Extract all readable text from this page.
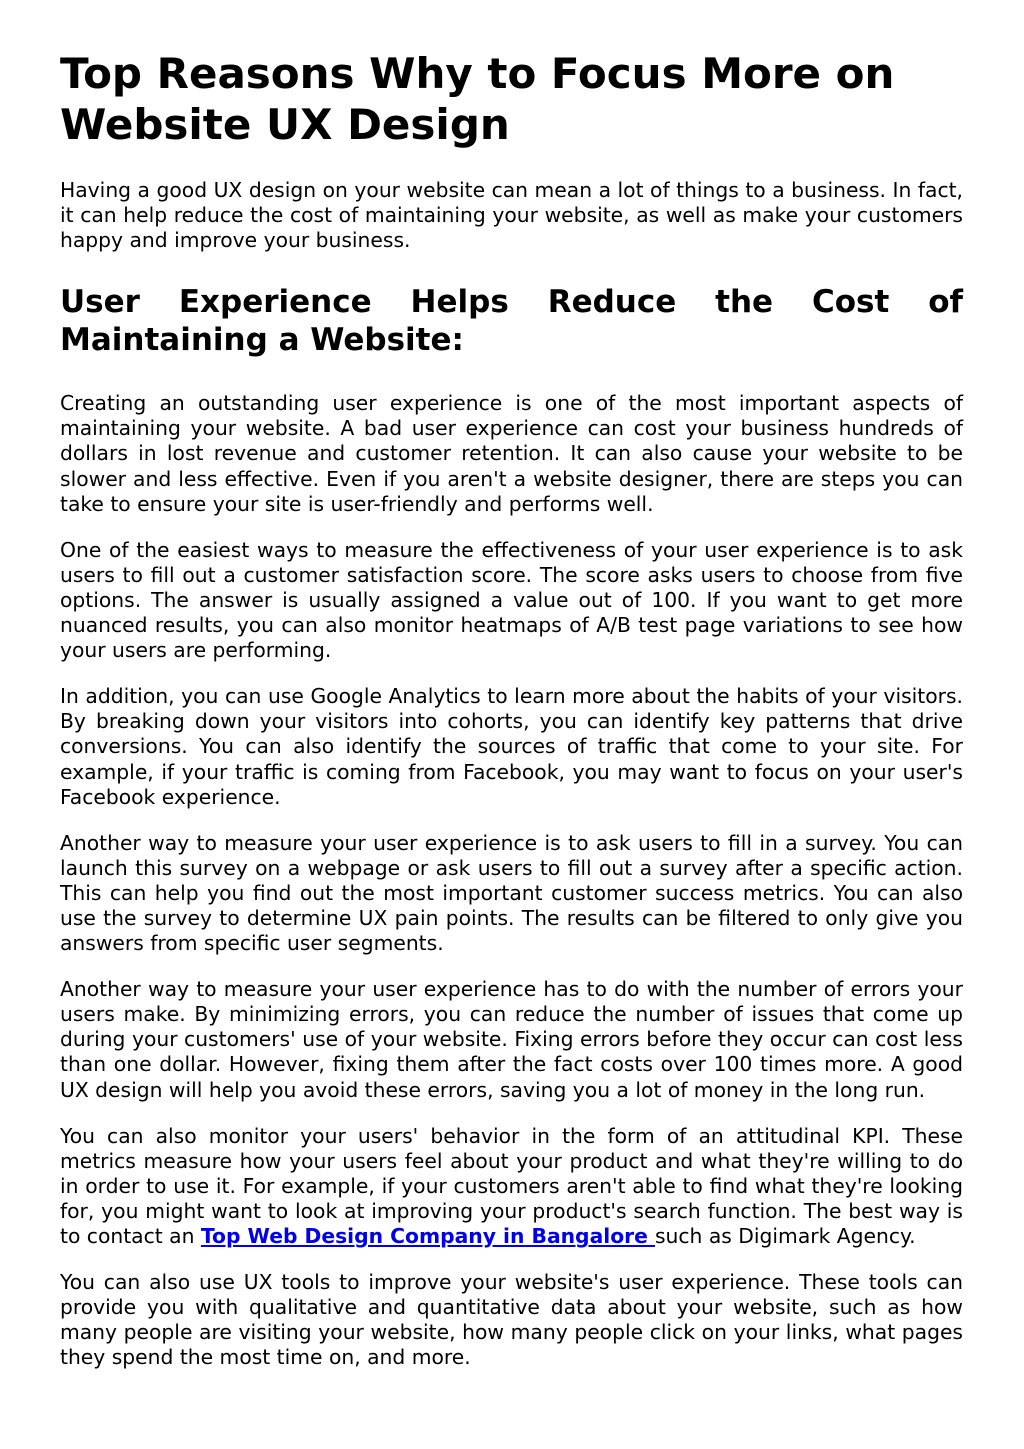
Top Reasons Why to Focus More on Website UX Design

Having a good UX design on your website can mean a lot of things to a business. In fact, it can help reduce the cost of maintaining your website, as well as make your customers happy and improve your business.

User Experience Helps Reduce the Cost of Maintaining a Website:

Creating an outstanding user experience is one of the most important aspects of maintaining your website. A bad user experience can cost your business hundreds of dollars in lost revenue and customer retention. It can also cause your website to be slower and less effective. Even if you aren't a website designer, there are steps you can take to ensure your site is user-friendly and performs well.

One of the easiest ways to measure the effectiveness of your user experience is to ask users to fill out a customer satisfaction score. The score asks users to choose from five options. The answer is usually assigned a value out of 100. If you want to get more nuanced results, you can also monitor heatmaps of A/B test page variations to see how your users are performing.

In addition, you can use Google Analytics to learn more about the habits of your visitors. By breaking down your visitors into cohorts, you can identify key patterns that drive conversions. You can also identify the sources of traffic that come to your site. For example, if your traffic is coming from Facebook, you may want to focus on your user's Facebook experience.

Another way to measure your user experience is to ask users to fill in a survey. You can launch this survey on a webpage or ask users to fill out a survey after a specific action. This can help you find out the most important customer success metrics. You can also use the survey to determine UX pain points. The results can be filtered to only give you answers from specific user segments.

Another way to measure your user experience has to do with the number of errors your users make. By minimizing errors, you can reduce the number of issues that come up during your customers' use of your website. Fixing errors before they occur can cost less than one dollar. However, fixing them after the fact costs over 100 times more. A good UX design will help you avoid these errors, saving you a lot of money in the long run.

You can also monitor your users' behavior in the form of an attitudinal KPI. These metrics measure how your users feel about your product and what they're willing to do in order to use it. For example, if your customers aren't able to find what they're looking for, you might want to look at improving your product's search function. The best way is to contact an Top Web Design Company in Bangalore such as Digimark Agency.

You can also use UX tools to improve your website's user experience. These tools can provide you with qualitative and quantitative data about your website, such as how many people are visiting your website, how many people click on your links, what pages they spend the most time on, and more.
